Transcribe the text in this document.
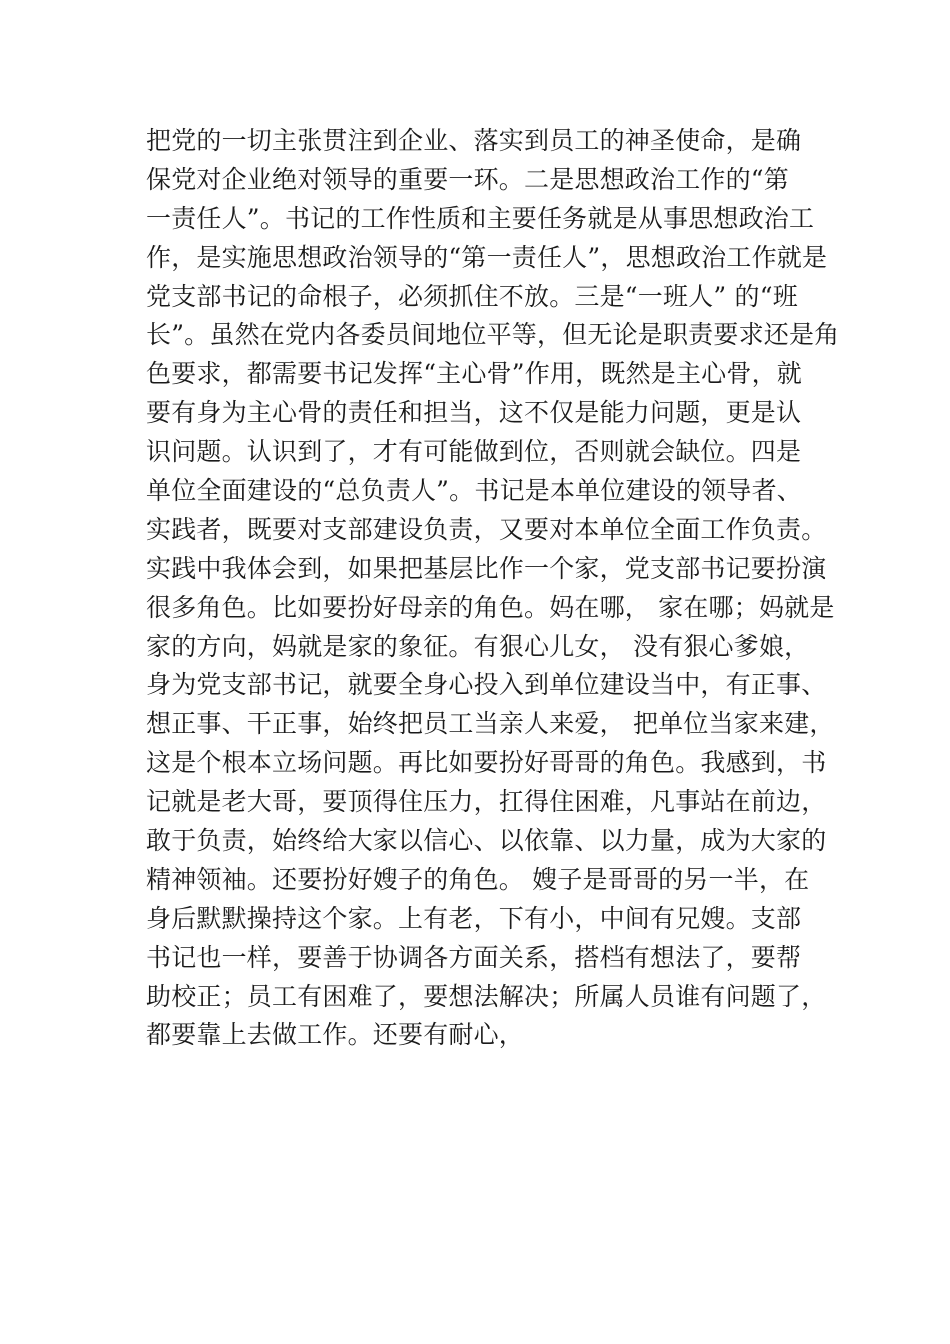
把党的一切主张贯注到企业、落实到员工的神圣使命，是确
保党对企业绝对领导的重要一环。二是思想政治工作的“第
一责任人”。书记的工作性质和主要任务就是从事思想政治工
作，是实施思想政治领导的“第一责任人”，思想政治工作就是
党支部书记的命根子，必须抓住不放。三是“一班人” 的“班
长”。虽然在党内各委员间地位平等，但无论是职责要求还是角
色要求，都需要书记发挥“主心骨”作用，既然是主心骨，就
要有身为主心骨的责任和担当，这不仅是能力问题，更是认
识问题。认识到了，才有可能做到位，否则就会缺位。四是
单位全面建设的“总负责人”。书记是本单位建设的领导者、
实践者，既要对支部建设负责，又要对本单位全面工作负责。
实践中我体会到，如果把基层比作一个家，党支部书记要扮演
很多角色。比如要扮好母亲的角色。妈在哪， 家在哪；妈就是
家的方向，妈就是家的象征。有狠心儿女， 没有狠心爹娘，
身为党支部书记，就要全身心投入到单位建设当中，有正事、
想正事、干正事，始终把员工当亲人来爱， 把单位当家来建，
这是个根本立场问题。再比如要扮好哥哥的角色。我感到，书
记就是老大哥，要顶得住压力，扛得住困难，凡事站在前边，
敢于负责，始终给大家以信心、以依靠、以力量，成为大家的
精神领袖。还要扮好嫂子的角色。 嫂子是哥哥的另一半，在
身后默默操持这个家。上有老，下有小，中间有兄嫂。支部
书记也一样，要善于协调各方面关系，搭档有想法了，要帮
助校正；员工有困难了，要想法解决；所属人员谁有问题了，
都要靠上去做工作。还要有耐心，
